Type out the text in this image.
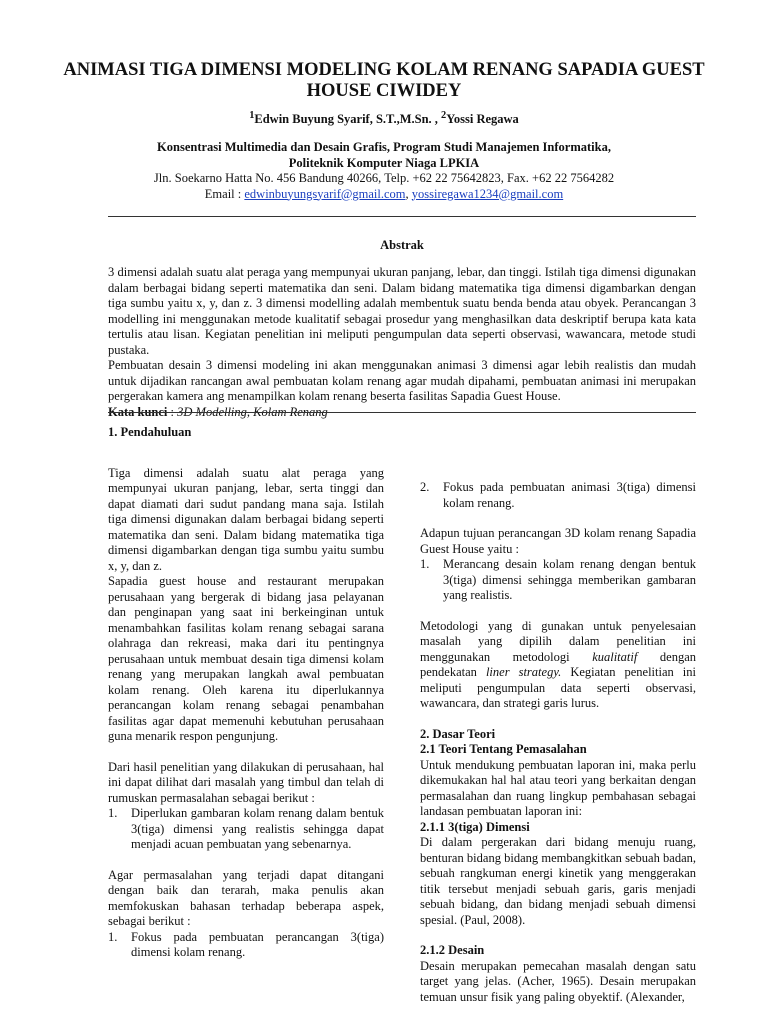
ANIMASI TIGA DIMENSI MODELING KOLAM RENANG SAPADIA GUEST HOUSE CIWIDEY
$^1$Edwin Buyung Syarif, S.T.,M.Sn. , $^2$Yossi Regawa
Konsentrasi Multimedia dan Desain Grafis, Program Studi Manajemen Informatika,
Politeknik Komputer Niaga LPKIA
Jln. Soekarno Hatta No. 456 Bandung 40266, Telp. +62 22 75642823, Fax. +62 22 7564282
Email : edwinbuyungsyarif@gmail.com, yossiregawa1234@gmail.com
Abstrak

3 dimensi adalah suatu alat peraga yang mempunyai ukuran panjang, lebar, dan tinggi. Istilah tiga dimensi digunakan dalam berbagai bidang seperti matematika dan seni. Dalam bidang matematika tiga dimensi digambarkan dengan tiga sumbu yaitu x, y, dan z. 3 dimensi modelling adalah membentuk suatu benda benda atau obyek. Perancangan 3 modelling ini menggunakan metode kualitatif sebagai prosedur yang menghasilkan data deskriptif berupa kata kata tertulis atau lisan. Kegiatan penelitian ini meliputi pengumpulan data seperti observasi, wawancara, metode studi pustaka.

Pembuatan desain 3 dimensi modeling ini akan menggunakan animasi 3 dimensi agar lebih realistis dan mudah untuk dijadikan rancangan awal pembuatan kolam renang agar mudah dipahami, pembuatan animasi ini merupakan pergerakan kamera ang menampilkan kolam renang beserta fasilitas Sapadia Guest House.

Kata kunci : 3D Modelling, Kolam Renang

1. Pendahuluan

Tiga dimensi adalah suatu alat peraga yang mempunyai ukuran panjang, lebar, serta tinggi dan dapat diamati dari sudut pandang mana saja. Istilah tiga dimensi digunakan dalam berbagai bidang seperti matematika dan seni. Dalam bidang matematika tiga dimensi digambarkan dengan tiga sumbu yaitu sumbu x, y, dan z.

Sapadia guest house and restaurant merupakan perusahaan yang bergerak di bidang jasa pelayanan dan penginapan yang saat ini berkeinginan untuk menambahkan fasilitas kolam renang sebagai sarana olahraga dan rekreasi, maka dari itu pentingnya perusahaan untuk membuat desain tiga dimensi kolam renang yang merupakan langkah awal pembuatan kolam renang. Oleh karena itu diperlukannya perancangan kolam renang sebagai penambahan fasilitas agar dapat memenuhi kebutuhan perusahaan guna menarik respon pengunjung.

Dari hasil penelitian yang dilakukan di perusahaan, hal ini dapat dilihat dari masalah yang timbul dan telah di rumuskan permasalahan sebagai berikut :

1.	Diperlukan gambaran kolam renang dalam bentuk 3(tiga) dimensi yang realistis sehingga dapat menjadi acuan pembuatan yang sebenarnya.

Agar permasalahan yang terjadi dapat ditangani dengan baik dan terarah, maka penulis akan memfokuskan bahasan terhadap beberapa aspek, sebagai berikut :

1.	Fokus pada pembuatan perancangan 3(tiga) dimensi kolam renang.
2.	Fokus pada pembuatan animasi 3(tiga) dimensi kolam renang.

Adapun tujuan perancangan 3D kolam renang Sapadia Guest House yaitu :

1.	Merancang desain kolam renang dengan bentuk 3(tiga) dimensi sehingga memberikan gambaran yang realistis.

Metodologi yang di gunakan untuk penyelesaian masalah yang dipilih dalam penelitian ini menggunakan metodologi kualitatif dengan pendekatan liner strategy. Kegiatan penelitian ini meliputi pengumpulan data seperti observasi, wawancara, dan strategi garis lurus.

2. Dasar Teori
2.1 Teori Tentang Pemasalahan

Untuk mendukung pembuatan laporan ini, maka perlu dikemukakan hal hal atau teori yang berkaitan dengan permasalahan dan ruang lingkup pembahasan sebagai landasan pembuatan laporan ini:

2.1.1 3(tiga) Dimensi

Di dalam pergerakan dari bidang menuju ruang, benturan bidang bidang membangkitkan sebuah badan, sebuah rangkuman energi kinetik yang menggerakan titik tersebut menjadi sebuah garis, garis menjadi sebuah bidang, dan bidang menjadi sebuah dimensi spesial. (Paul, 2008).

2.1.2 Desain

Desain merupakan pemecahan masalah dengan satu target yang jelas. (Acher, 1965). Desain merupakan temuan unsur fisik yang paling obyektif. (Alexander,
